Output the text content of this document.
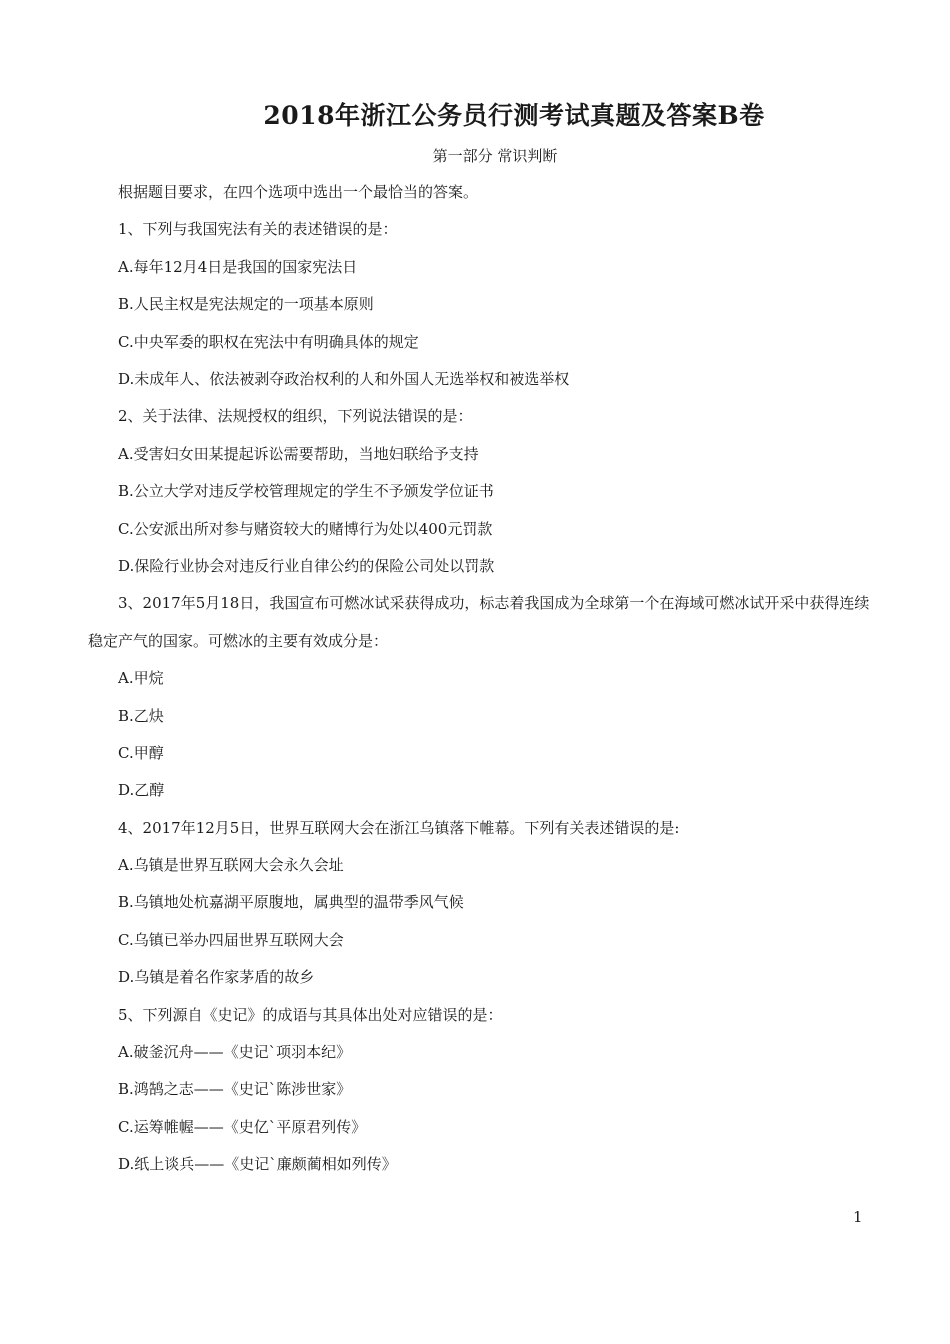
2018年浙江公务员行测考试真题及答案B卷

第一部分 常识判断

根据题目要求，在四个选项中选出一个最恰当的答案。
1、下列与我国宪法有关的表述错误的是：
A.每年12月4日是我国的国家宪法日
B.人民主权是宪法规定的一项基本原则
C.中央军委的职权在宪法中有明确具体的规定
D.未成年人、依法被剥夺政治权利的人和外国人无选举权和被选举权
2、关于法律、法规授权的组织，下列说法错误的是：
A.受害妇女田某提起诉讼需要帮助，当地妇联给予支持
B.公立大学对违反学校管理规定的学生不予颁发学位证书
C.公安派出所对参与赌资较大的赌博行为处以400元罚款
D.保险行业协会对违反行业自律公约的保险公司处以罚款
3、2017年5月18日，我国宣布可燃冰试采获得成功，标志着我国成为全球第一个在海域可燃冰试开采中获得连续稳定产气的国家。可燃冰的主要有效成分是：
A.甲烷
B.乙炔
C.甲醇
D.乙醇
4、2017年12月5日，世界互联网大会在浙江乌镇落下帷幕。下列有关表述错误的是:
A.乌镇是世界互联网大会永久会址
B.乌镇地处杭嘉湖平原腹地，属典型的温带季风气候
C.乌镇已举办四届世界互联网大会
D.乌镇是着名作家茅盾的故乡
5、下列源自《史记》的成语与其具体出处对应错误的是：
A.破釜沉舟——《史记`项羽本纪》
B.鸿鹄之志——《史记`陈涉世家》
C.运筹帷幄——《史亿`平原君列传》
D.纸上谈兵——《史记`廉颇蔺相如列传》
1
